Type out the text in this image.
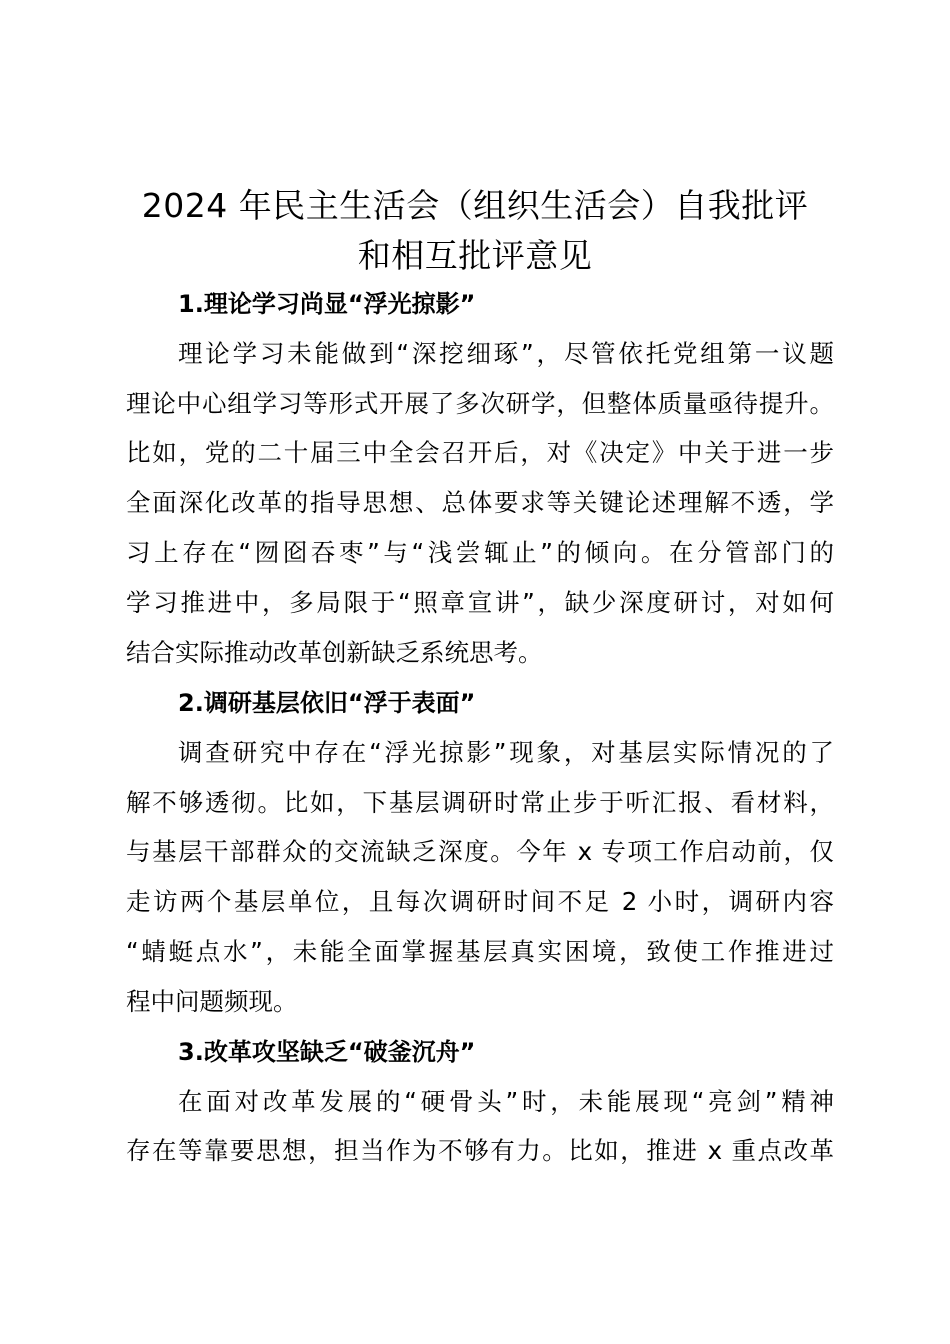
2024 年民主生活会（组织生活会）自我批评
和相互批评意见
1.理论学习尚显“浮光掠影”
理论学习未能做到“深挖细琢”，尽管依托党组第一议题
理论中心组学习等形式开展了多次研学，但整体质量亟待提升。
比如，党的二十届三中全会召开后，对《决定》中关于进一步
全面深化改革的指导思想、总体要求等关键论述理解不透，学
习上存在“囫囵吞枣”与“浅尝辄止”的倾向。在分管部门的
学习推进中，多局限于“照章宣讲”，缺少深度研讨，对如何
结合实际推动改革创新缺乏系统思考。
2.调研基层依旧“浮于表面”
调查研究中存在“浮光掠影”现象，对基层实际情况的了
解不够透彻。比如，下基层调研时常止步于听汇报、看材料，
与基层干部群众的交流缺乏深度。今年 x 专项工作启动前，仅
走访两个基层单位，且每次调研时间不足 2 小时，调研内容
“蜻蜓点水”，未能全面掌握基层真实困境，致使工作推进过
程中问题频现。
3.改革攻坚缺乏“破釜沉舟”
在面对改革发展的“硬骨头”时，未能展现“亮剑”精神
存在等靠要思想，担当作为不够有力。比如，推进 x 重点改革
